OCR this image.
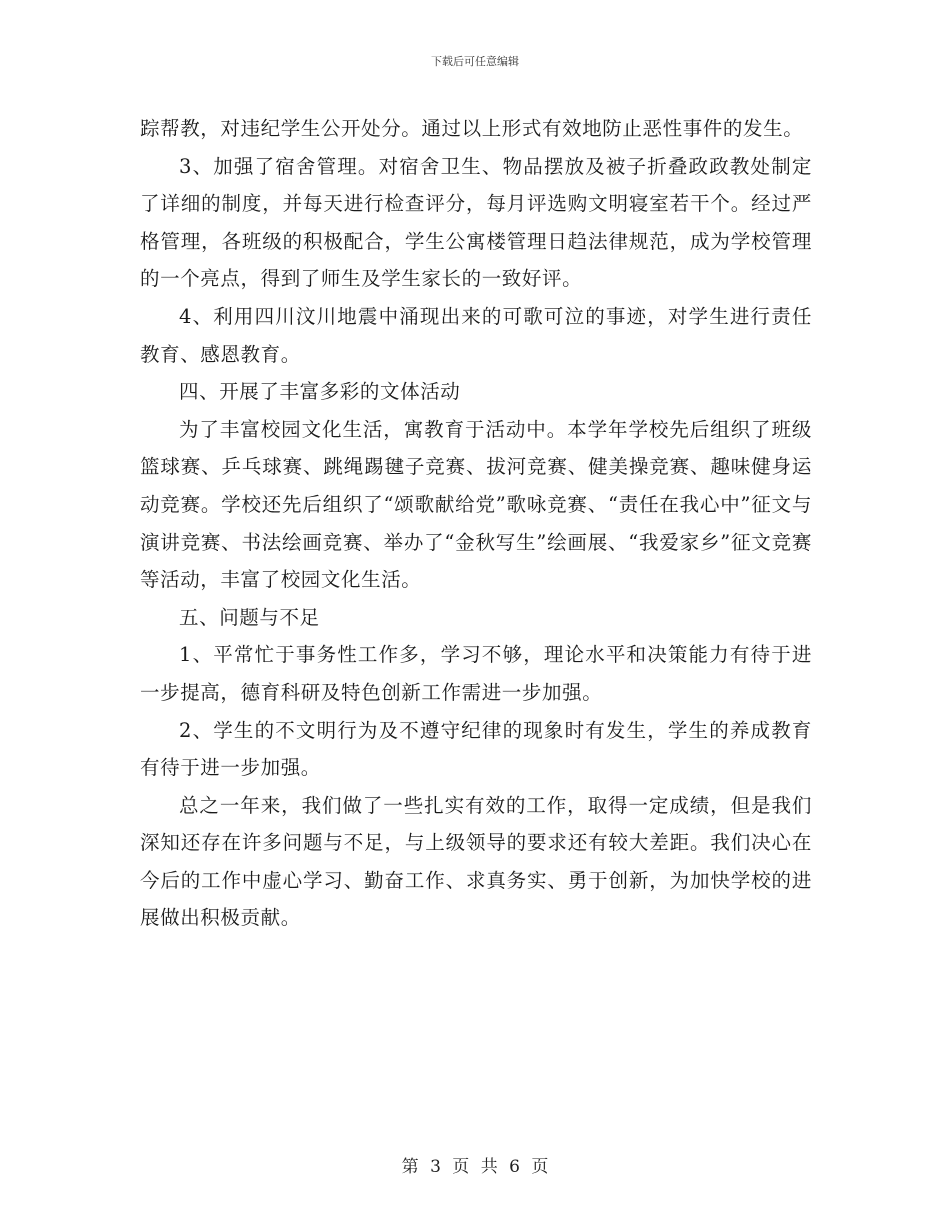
下载后可任意编辑

踪帮教，对违纪学生公开处分。通过以上形式有效地防止恶性事件的发生。

3、加强了宿舍管理。对宿舍卫生、物品摆放及被子折叠政政教处制定了详细的制度，并每天进行检查评分，每月评选购文明寝室若干个。经过严格管理，各班级的积极配合，学生公寓楼管理日趋法律规范，成为学校管理的一个亮点，得到了师生及学生家长的一致好评。

4、利用四川汶川地震中涌现出来的可歌可泣的事迹，对学生进行责任教育、感恩教育。

四、开展了丰富多彩的文体活动

为了丰富校园文化生活，寓教育于活动中。本学年学校先后组织了班级篮球赛、乒乓球赛、跳绳踢毽子竞赛、拔河竞赛、健美操竞赛、趣味健身运动竞赛。学校还先后组织了“颂歌献给党”歌咏竞赛、“责任在我心中”征文与演讲竞赛、书法绘画竞赛、举办了“金秋写生”绘画展、“我爱家乡”征文竞赛等活动，丰富了校园文化生活。

五、问题与不足

1、平常忙于事务性工作多，学习不够，理论水平和决策能力有待于进一步提高，德育科研及特色创新工作需进一步加强。

2、学生的不文明行为及不遵守纪律的现象时有发生，学生的养成教育有待于进一步加强。

总之一年来，我们做了一些扎实有效的工作，取得一定成绩，但是我们深知还存在许多问题与不足，与上级领导的要求还有较大差距。我们决心在今后的工作中虚心学习、勤奋工作、求真务实、勇于创新，为加快学校的进展做出积极贡献。

第 3 页 共 6 页
